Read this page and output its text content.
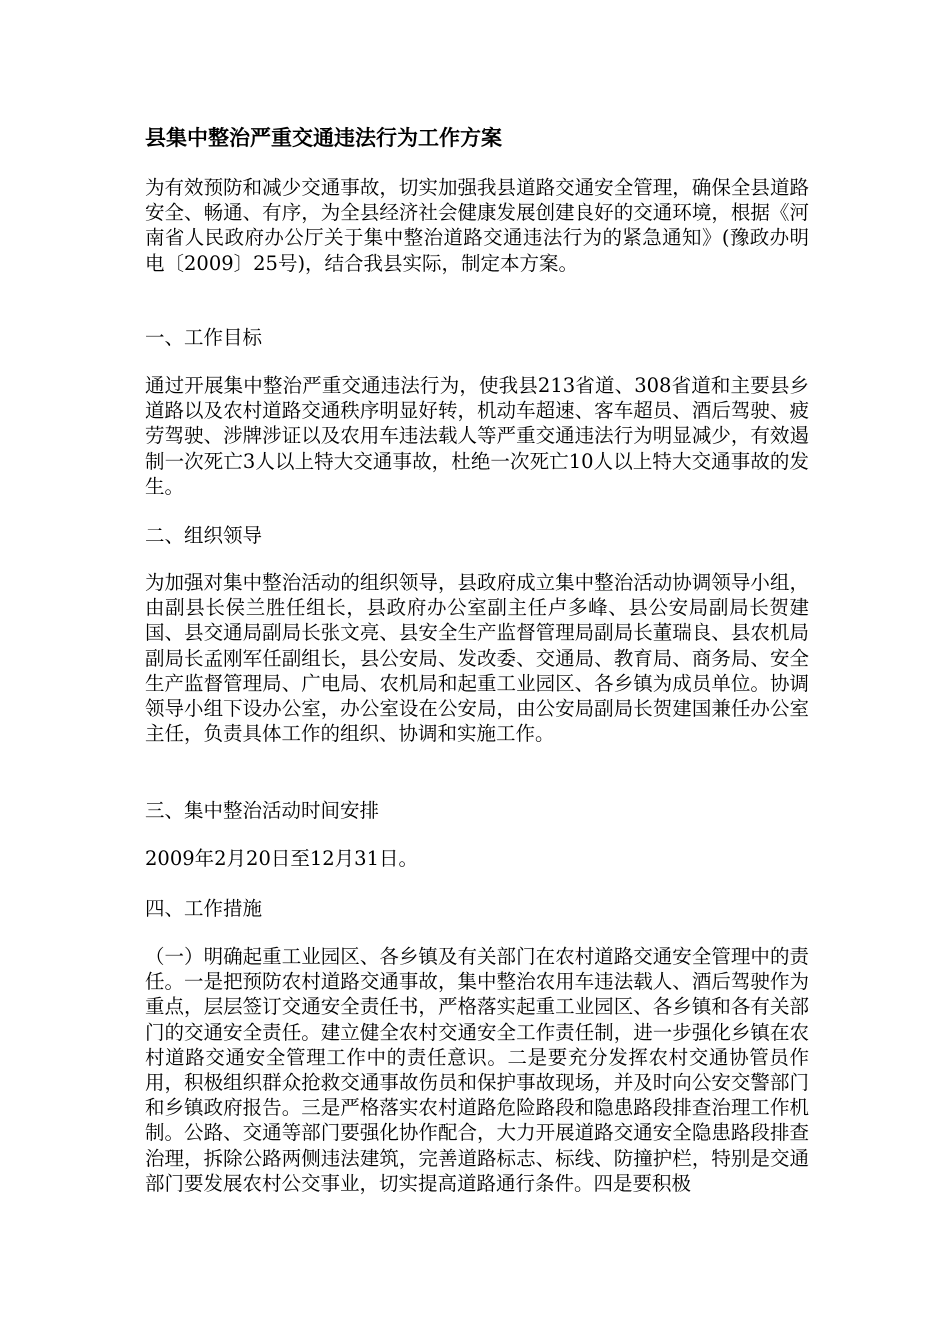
县集中整治严重交通违法行为工作方案

为有效预防和减少交通事故，切实加强我县道路交通安全管理，确保全县道路安全、畅通、有序，为全县经济社会健康发展创建良好的交通环境，根据《河南省人民政府办公厅关于集中整治道路交通违法行为的紧急通知》(豫政办明电〔2009〕25号)，结合我县实际，制定本方案。

一、工作目标

通过开展集中整治严重交通违法行为，使我县213省道、308省道和主要县乡道路以及农村道路交通秩序明显好转，机动车超速、客车超员、酒后驾驶、疲劳驾驶、涉牌涉证以及农用车违法载人等严重交通违法行为明显减少，有效遏制一次死亡3人以上特大交通事故，杜绝一次死亡10人以上特大交通事故的发生。

二、组织领导

为加强对集中整治活动的组织领导，县政府成立集中整治活动协调领导小组，由副县长侯兰胜任组长，县政府办公室副主任卢多峰、县公安局副局长贺建国、县交通局副局长张文亮、县安全生产监督管理局副局长董瑞良、县农机局副局长孟刚军任副组长，县公安局、发改委、交通局、教育局、商务局、安全生产监督管理局、广电局、农机局和起重工业园区、各乡镇为成员单位。协调领导小组下设办公室，办公室设在公安局，由公安局副局长贺建国兼任办公室主任，负责具体工作的组织、协调和实施工作。

三、集中整治活动时间安排

2009年2月20日至12月31日。

四、工作措施

（一）明确起重工业园区、各乡镇及有关部门在农村道路交通安全管理中的责任。一是把预防农村道路交通事故，集中整治农用车违法载人、酒后驾驶作为重点，层层签订交通安全责任书，严格落实起重工业园区、各乡镇和各有关部门的交通安全责任。建立健全农村交通安全工作责任制，进一步强化乡镇在农村道路交通安全管理工作中的责任意识。二是要充分发挥农村交通协管员作用，积极组织群众抢救交通事故伤员和保护事故现场，并及时向公安交警部门和乡镇政府报告。三是严格落实农村道路危险路段和隐患路段排查治理工作机制。公路、交通等部门要强化协作配合，大力开展道路交通安全隐患路段排查治理，拆除公路两侧违法建筑，完善道路标志、标线、防撞护栏，特别是交通部门要发展农村公交事业，切实提高道路通行条件。四是要积极
